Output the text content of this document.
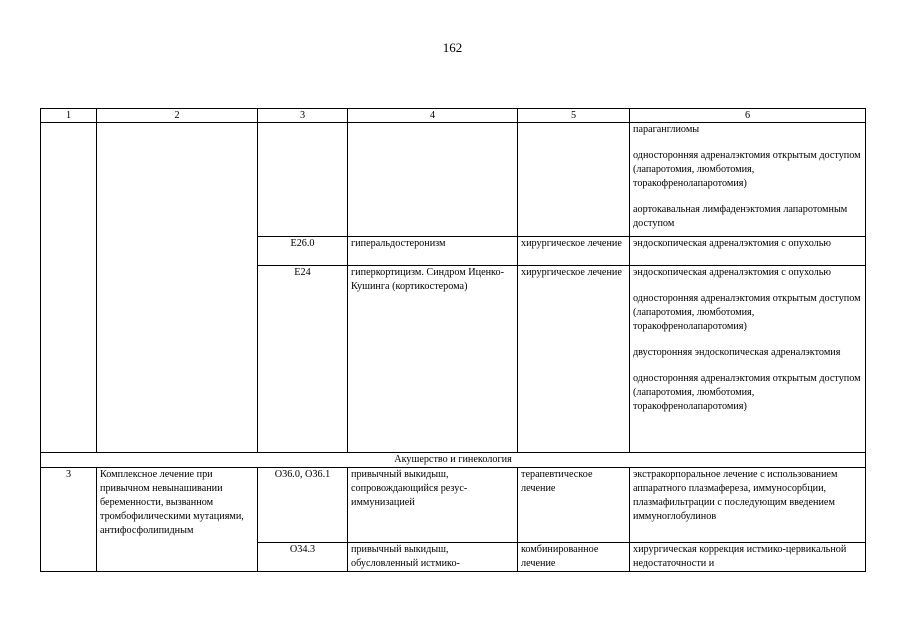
162
1	2	3	4	5	6

					параганглиомы
односторонняя адреналэктомия открытым доступом (лапаротомия, люмботомия, торакофренолапаротомия)
аортокавальная лимфаденэктомия лапаротомным доступом

		E26.0	гиперальдостеронизм	хирургическое лечение	эндоскопическая адреналэктомия с опухолью
		E24	гиперкортицизм. Синдром Иценко-Кушинга (кортикостерома)	хирургическое лечение	эндоскопическая адреналэктомия с опухолью
односторонняя адреналэктомия открытым доступом (лапаротомия, люмботомия, торакофренолапаротомия)
двусторонняя эндоскопическая адреналэктомия
односторонняя адреналэктомия открытым доступом (лапаротомия, люмботомия, торакофренолапаротомия)

Акушерство и гинекология					
3	Комплексное лечение при привычном невынашивании беременности, вызванном тромбофилическими мутациями, антифосфолипидным	O36.0, O36.1	привычный выкидыш, сопровождающийся резус-иммунизацией	терапевтическое лечение	экстракорпоральное лечение с использованием аппаратного плазмафереза, иммуносорбции, плазмафильтрации с последующим введением иммуноглобулинов
		O34.3	привычный выкидыш, обусловленный истмико-	комбинированное лечение	хирургическая коррекция истмико-цервикальной недостаточности и
